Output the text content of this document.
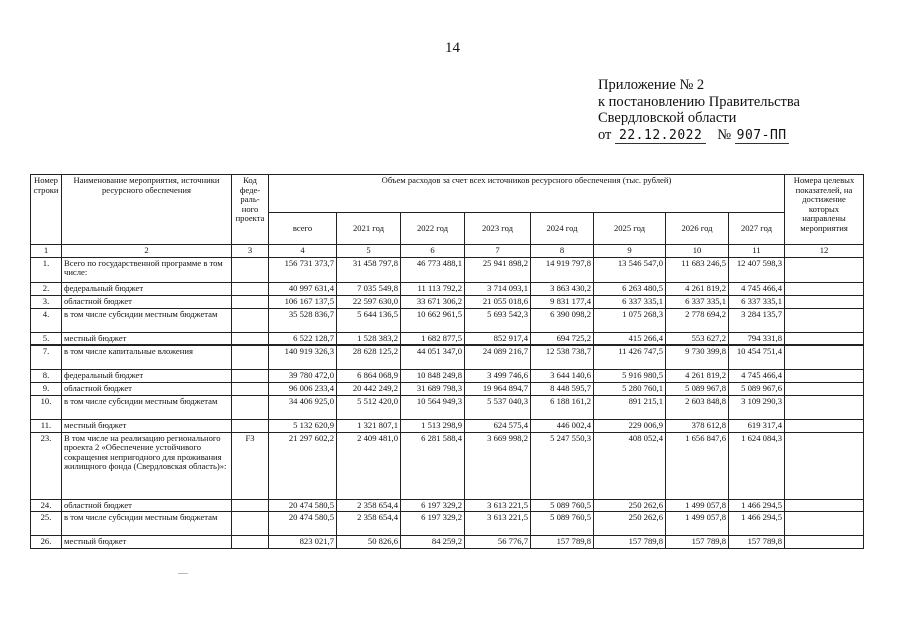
14
Приложение № 2
к постановлению Правительства
Свердловской области
от 22.12.2022 № 907-ПП
Номер строки	Наименование мероприятия, источники ресурсного обеспечения	Код феде-раль-ного проекта	Объем расходов за счет всех источников ресурсного обеспечения (тыс. рублей)								Номера целевых показателей, на достижение которых направлены мероприятия
			всего	2021 год	2022 год	2023 год	2024 год	2025 год	2026 год	2027 год	
1	2	3	4	5	6	7	8	9	10	11	12
1.	Всего по государственной программе в том числе:		156 731 373,7	31 458 797,8	46 773 488,1	25 941 898,2	14 919 797,8	13 546 547,0	11 683 246,5	12 407 598,3	
2.	федеральный бюджет		40 997 631,4	7 035 549,8	11 113 792,2	3 714 093,1	3 863 430,2	6 263 480,5	4 261 819,2	4 745 466,4	
3.	областной бюджет		106 167 137,5	22 597 630,0	33 671 306,2	21 055 018,6	9 831 177,4	6 337 335,1	6 337 335,1	6 337 335,1	
4.	в том числе субсидии местным бюджетам		35 528 836,7	5 644 136,5	10 662 961,5	5 693 542,3	6 390 098,2	1 075 268,3	2 778 694,2	3 284 135,7	
5.	местный бюджет		6 522 128,7	1 528 383,2	1 682 877,5	852 917,4	694 725,2	415 266,4	553 627,2	794 331,8	
7.	в том числе капитальные вложения		140 919 326,3	28 628 125,2	44 051 347,0	24 089 216,7	12 538 738,7	11 426 747,5	9 730 399,8	10 454 751,4	
8.	федеральный бюджет		39 780 472,0	6 864 068,9	10 848 249,8	3 499 746,6	3 644 140,6	5 916 980,5	4 261 819,2	4 745 466,4	
9.	областной бюджет		96 006 233,4	20 442 249,2	31 689 798,3	19 964 894,7	8 448 595,7	5 280 760,1	5 089 967,8	5 089 967,6	
10.	в том числе субсидии местным бюджетам		34 406 925,0	5 512 420,0	10 564 949,3	5 537 040,3	6 188 161,2	891 215,1	2 603 848,8	3 109 290,3	
11.	местный бюджет		5 132 620,9	1 321 807,1	1 513 298,9	624 575,4	446 002,4	229 006,9	378 612,8	619 317,4	
23.	В том числе на реализацию регионального проекта 2 «Обеспечение устойчивого сокращения непригодного для проживания жилищного фонда (Свердловская область)»:	F3	21 297 602,2	2 409 481,0	6 281 588,4	3 669 998,2	5 247 550,3	408 052,4	1 656 847,6	1 624 084,3	
24.	областной бюджет		20 474 580,5	2 358 654,4	6 197 329,2	3 613 221,5	5 089 760,5	250 262,6	1 499 057,8	1 466 294,5	
25.	в том числе субсидии местным бюджетам		20 474 580,5	2 358 654,4	6 197 329,2	3 613 221,5	5 089 760,5	250 262,6	1 499 057,8	1 466 294,5	
26.	местный бюджет		823 021,7	50 826,6	84 259,2	56 776,7	157 789,8	157 789,8	157 789,8	157 789,8	
